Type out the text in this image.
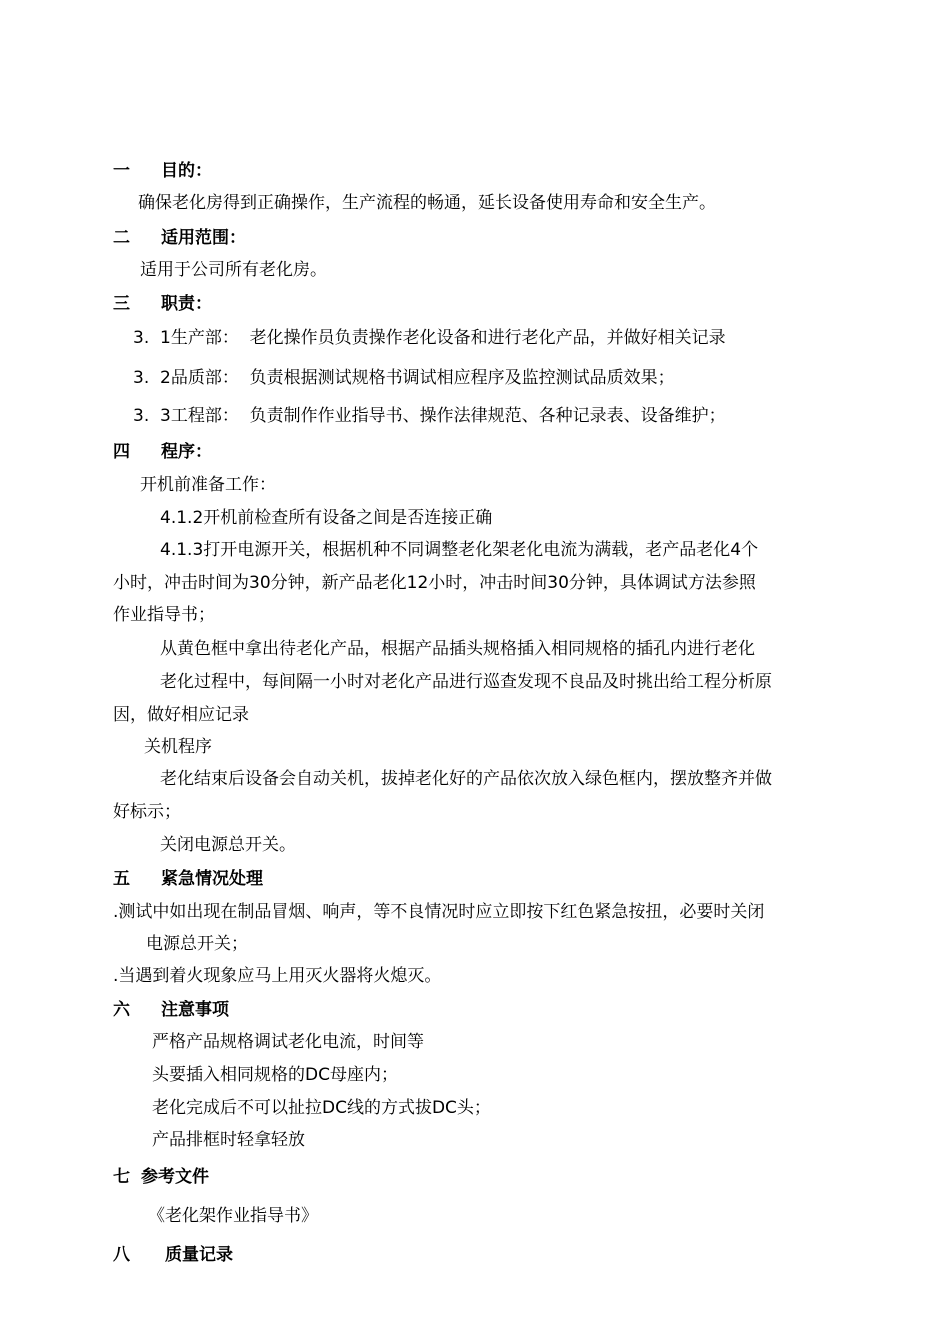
一 目的：
确保老化房得到正确操作，生产流程的畅通，延长设备使用寿命和安全生产。
二 适用范围：
适用于公司所有老化房。
三 职责：
3.  1生产部：  老化操作员负责操作老化设备和进行老化产品，并做好相关记录
3.  2品质部：  负责根据测试规格书调试相应程序及监控测试品质效果；
3.  3工程部：  负责制作作业指导书、操作法律规范、各种记录表、设备维护；
四 程序：
开机前准备工作：
4.1.2开机前检查所有设备之间是否连接正确
4.1.3打开电源开关，根据机种不同调整老化架老化电流为满载，老产品老化4个
小时，冲击时间为30分钟，新产品老化12小时，冲击时间30分钟，具体调试方法参照
作业指导书；
从黄色框中拿出待老化产品，根据产品插头规格插入相同规格的插孔内进行老化
老化过程中，每间隔一小时对老化产品进行巡查发现不良品及时挑出给工程分析原
因，做好相应记录
关机程序
老化结束后设备会自动关机，拔掉老化好的产品依次放入绿色框内，摆放整齐并做
好标示；
关闭电源总开关。
五 紧急情况处理
.测试中如出现在制品冒烟、响声，等不良情况时应立即按下红色紧急按扭，必要时关闭
电源总开关；
.当遇到着火现象应马上用灭火器将火熄灭。
六 注意事项
严格产品规格调试老化电流，时间等
头要插入相同规格的DC母座内；
老化完成后不可以扯拉DC线的方式拔DC头；
产品排框时轻拿轻放
七 参考文件
《老化架作业指导书》
八 质量记录
